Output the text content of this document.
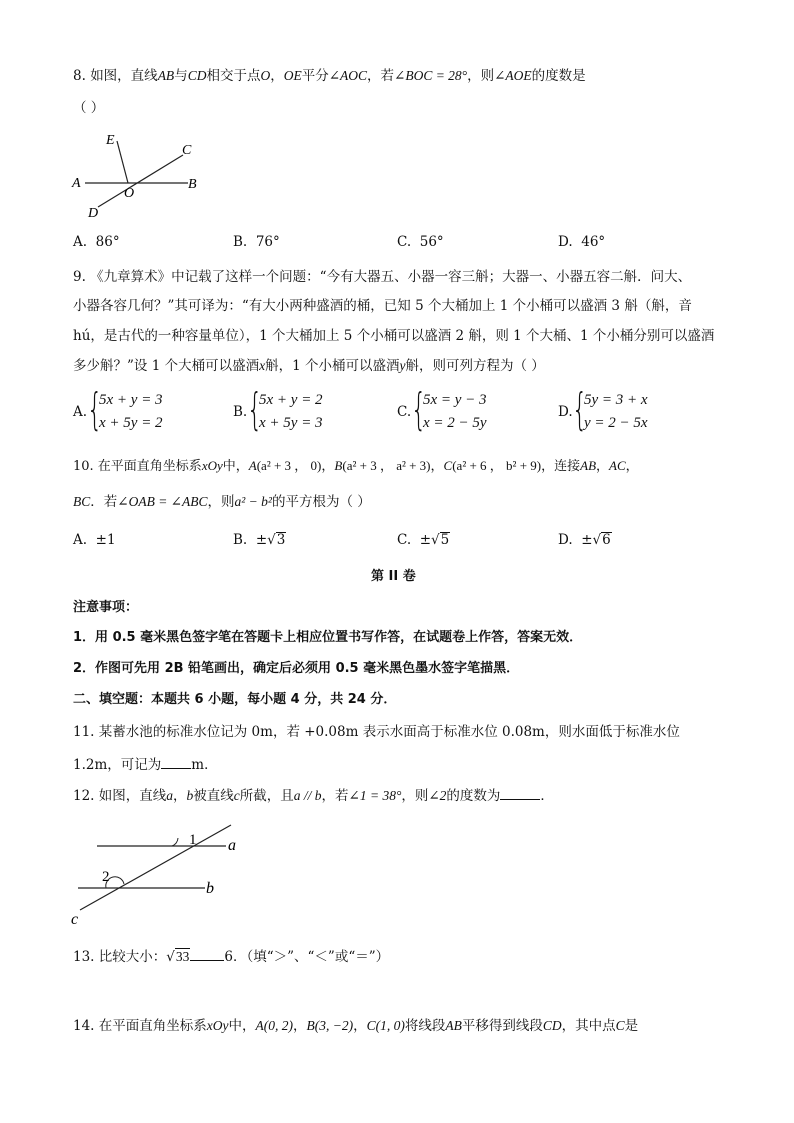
8. 如图，直线AB与CD相交于点O，OE平分∠AOC，若∠BOC = 28°，则∠AOE的度数是
（ ）
E
C
A
O
B
D
A. 86°	B. 76°	C. 56°	D. 46°
9. 《九章算术》中记载了这样一个问题：“今有大器五、小器一容三斛；大器一、小器五容二斛．问大、
小器各容几何？”其可译为：“有大小两种盛酒的桶，已知 5 个大桶加上 1 个小桶可以盛酒 3 斛（斛，音
hú，是古代的一种容量单位），1 个大桶加上 5 个小桶可以盛酒 2 斛，则 1 个大桶、1 个小桶分别可以盛酒
多少斛？”设 1 个大桶可以盛酒x斛，1 个小桶可以盛酒y斛，则可列方程为（ ）
A. {
5x + y = 3
x + 5y = 2
B. {
5x + y = 2
x + 5y = 3
C. {
5x = y − 3
x = 2 − 5y
D. {
5y = 3 + x
y = 2 − 5x
10. 在平面直角坐标系xOy中，A(a² + 3 ， 0)，B(a² + 3 ， a² + 3)，C(a² + 6 ， b² + 9)，连接AB，AC，
BC．若∠OAB = ∠ABC，则a² − b²的平方根为（ ）
A. ±1	B. ±√3	C. ±√5	D. ±√6
第 II 卷
注意事项：
1．用 0.5 毫米黑色签字笔在答题卡上相应位置书写作答，在试题卷上作答，答案无效．
2．作图可先用 2B 铅笔画出，确定后必须用 0.5 毫米黑色墨水签字笔描黑．
二、填空题：本题共 6 小题，每小题 4 分，共 24 分．
11. 某蓄水池的标准水位记为 0m，若 +0.08m 表示水面高于标准水位 0.08m，则水面低于标准水位
1.2m，可记为 m．
12. 如图，直线a，b被直线c所截，且a // b，若∠1 = 38°，则∠2的度数为	．
1
2
a
b
c
13. 比较大小：√33	6．（填“＞”、“＜”或“＝”）
14. 在平面直角坐标系xOy中，A(0, 2)，B(3, −2)，C(1, 0)将线段AB平移得到线段CD，其中点C是
